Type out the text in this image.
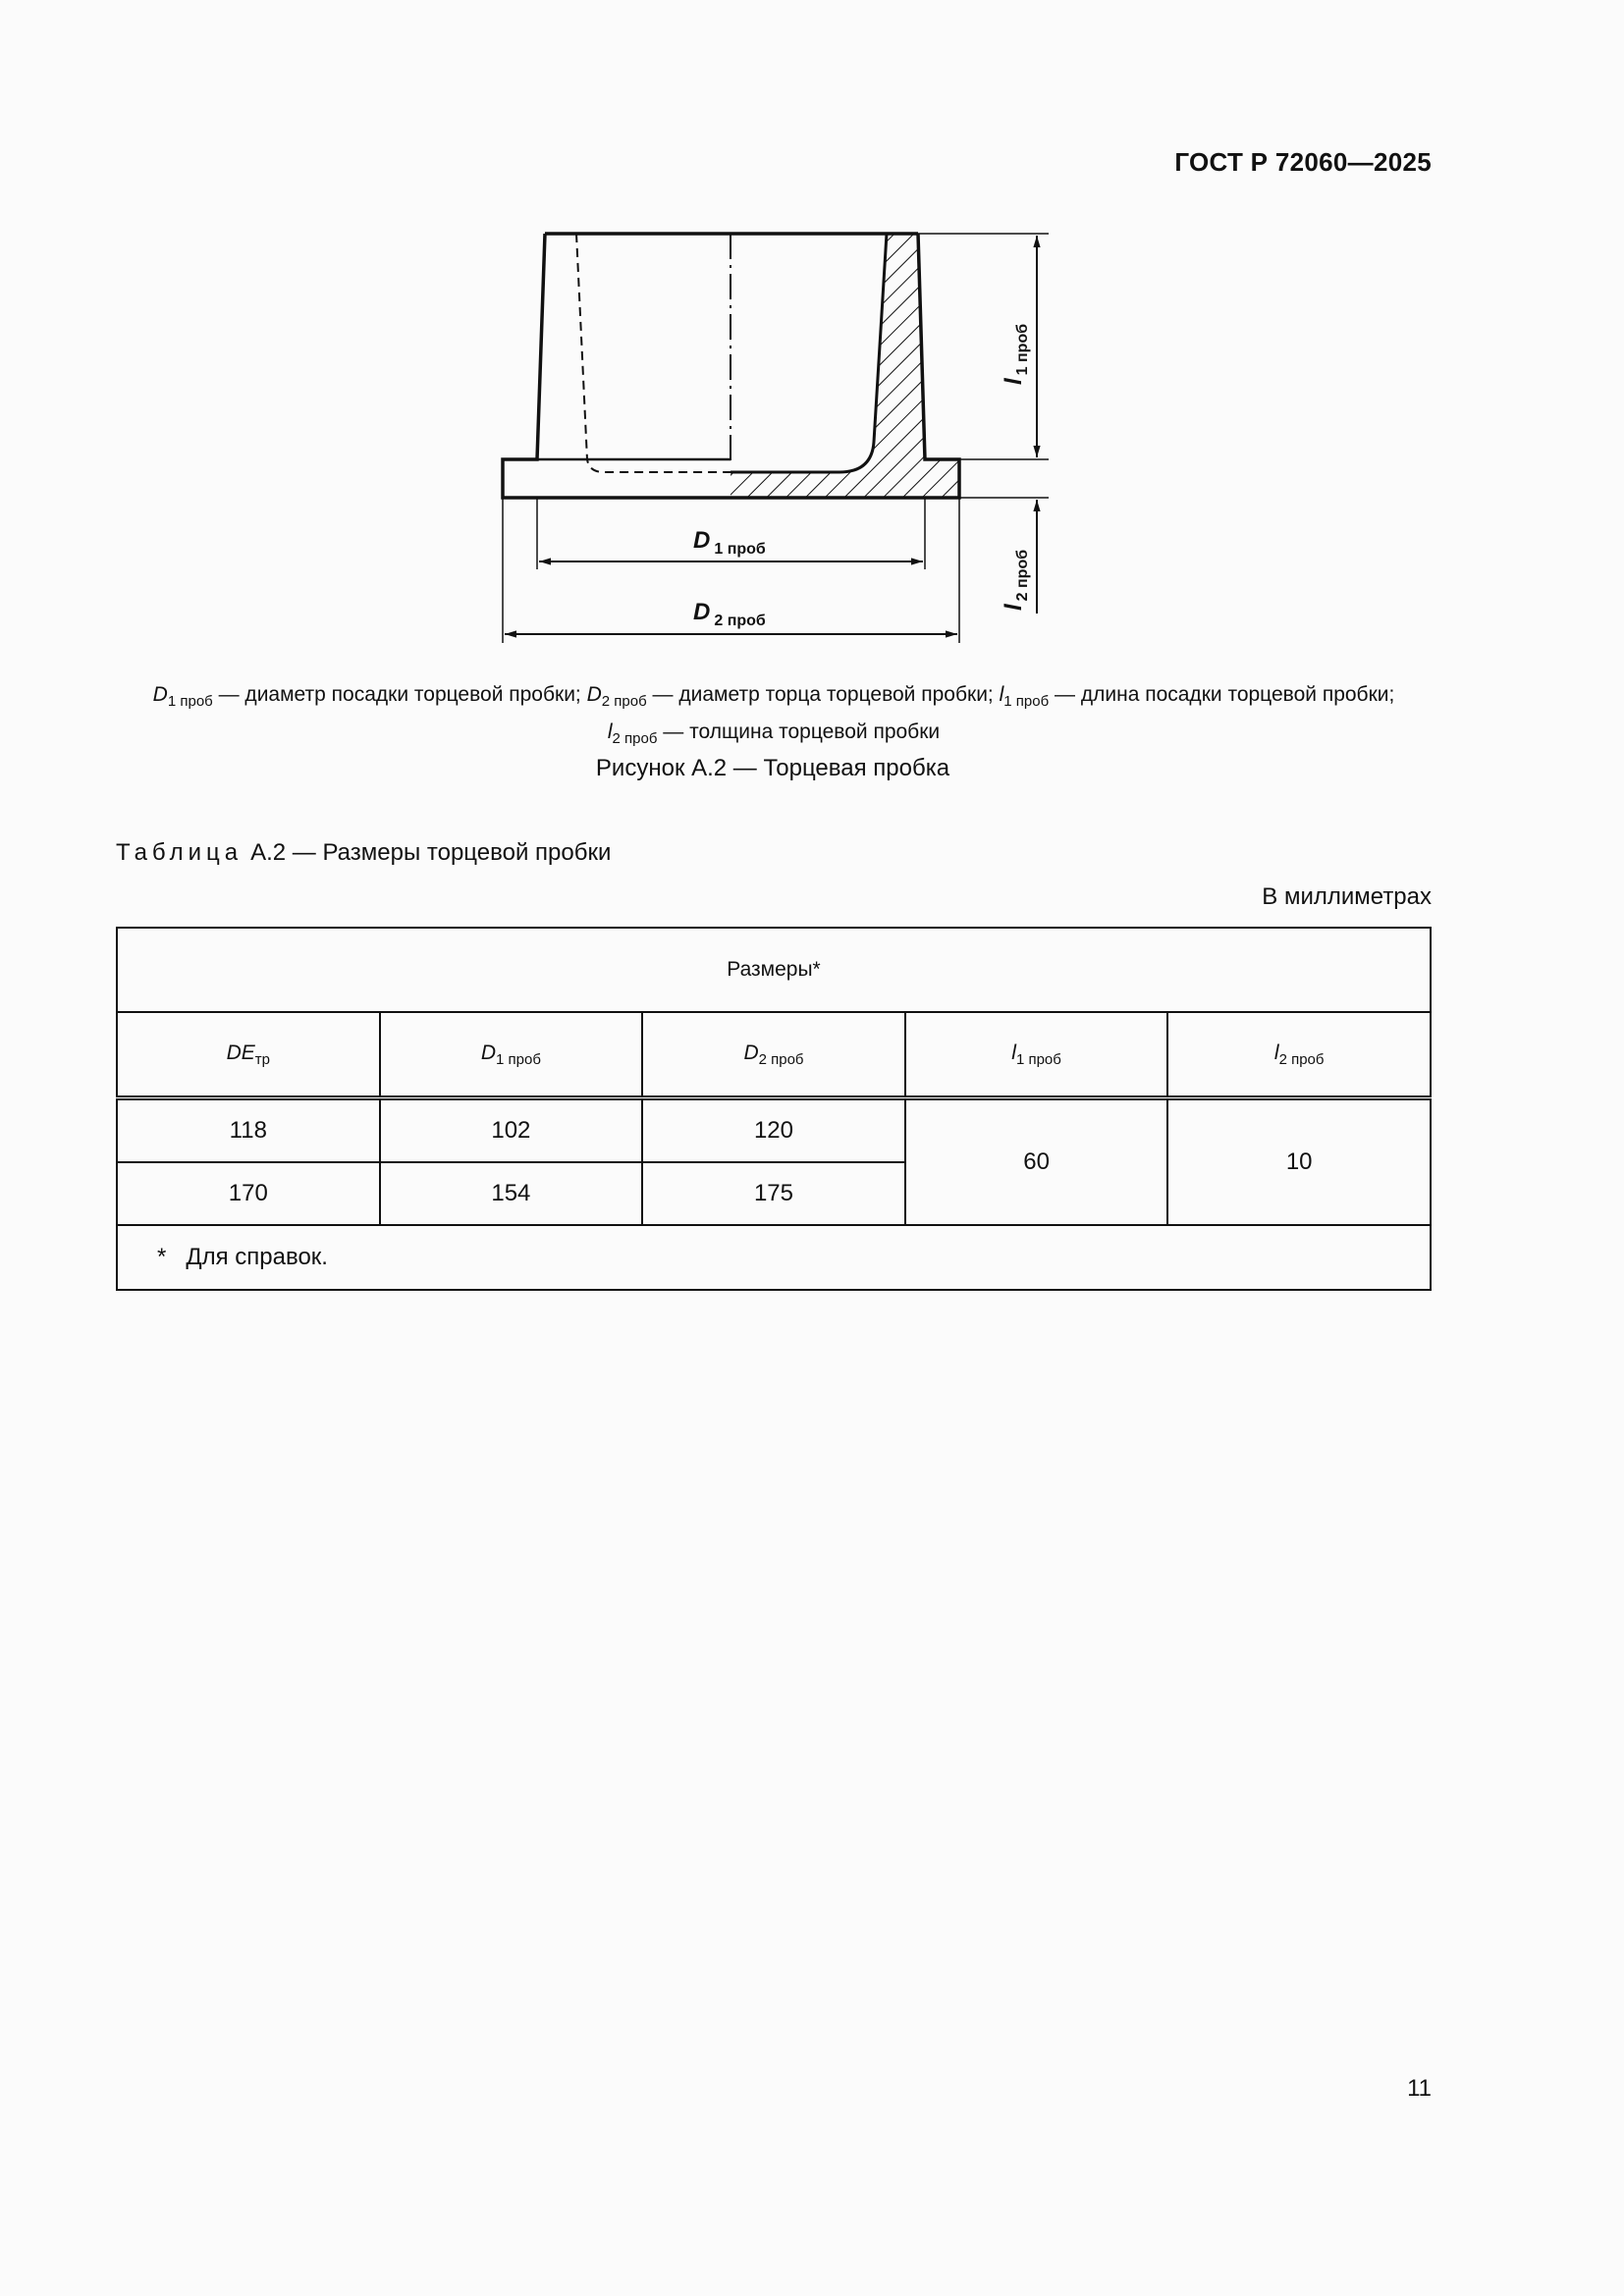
ГОСТ Р 72060—2025
D $_{1 проб}$
D $_{2 проб}$
$l_{1 проб}$
$l_{2 проб}$
$D_{1 проб}$ — диаметр посадки торцевой пробки; $D_{2 проб}$ — диаметр торца торцевой пробки; $l_{1 проб}$ — длина посадки торцевой пробки;
$l_{2 проб}$ — толщина торцевой пробки
Рисунок А.2 — Торцевая пробка
Таблица А.2 — Размеры торцевой пробки
В миллиметрах
Размеры*				
$DE_{тр}$	$D_{1 проб}$	$D_{2 проб}$	$l_{1 проб}$	$l_{2 проб}$
118	102	120	60	10
170	154	175		
*   Для справок.				
11
